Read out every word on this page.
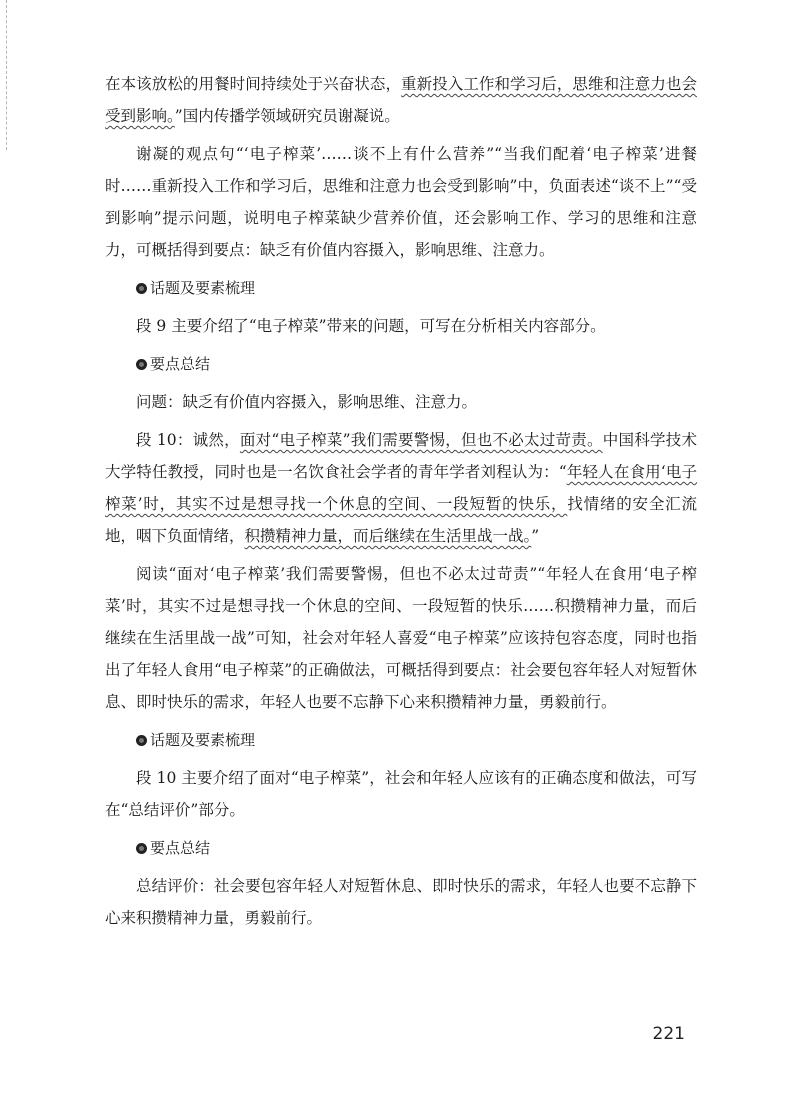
在本该放松的用餐时间持续处于兴奋状态，重新投入工作和学习后，思维和注意力也会受到影响。”国内传播学领域研究员谢凝说。

谢凝的观点句“‘电子榨菜’……谈不上有什么营养”“当我们配着‘电子榨菜’进餐时……重新投入工作和学习后，思维和注意力也会受到影响”中，负面表述“谈不上”“受到影响”提示问题，说明电子榨菜缺少营养价值，还会影响工作、学习的思维和注意力，可概括得到要点：缺乏有价值内容摄入，影响思维、注意力。

话题及要素梳理

段 9 主要介绍了“电子榨菜”带来的问题，可写在分析相关内容部分。

要点总结

问题：缺乏有价值内容摄入，影响思维、注意力。

段 10：诚然，面对“电子榨菜”我们需要警惕，但也不必太过苛责。中国科学技术大学特任教授，同时也是一名饮食社会学者的青年学者刘程认为：“年轻人在食用‘电子榨菜’时，其实不过是想寻找一个休息的空间、一段短暂的快乐，找情绪的安全汇流地，咽下负面情绪，积攒精神力量，而后继续在生活里战一战。”

阅读“面对‘电子榨菜’我们需要警惕，但也不必太过苛责”“年轻人在食用‘电子榨菜’时，其实不过是想寻找一个休息的空间、一段短暂的快乐……积攒精神力量，而后继续在生活里战一战”可知，社会对年轻人喜爱“电子榨菜”应该持包容态度，同时也指出了年轻人食用“电子榨菜”的正确做法，可概括得到要点：社会要包容年轻人对短暂休息、即时快乐的需求，年轻人也要不忘静下心来积攒精神力量，勇毅前行。

话题及要素梳理

段 10 主要介绍了面对“电子榨菜”，社会和年轻人应该有的正确态度和做法，可写在“总结评价”部分。

要点总结

总结评价：社会要包容年轻人对短暂休息、即时快乐的需求，年轻人也要不忘静下心来积攒精神力量，勇毅前行。

221
